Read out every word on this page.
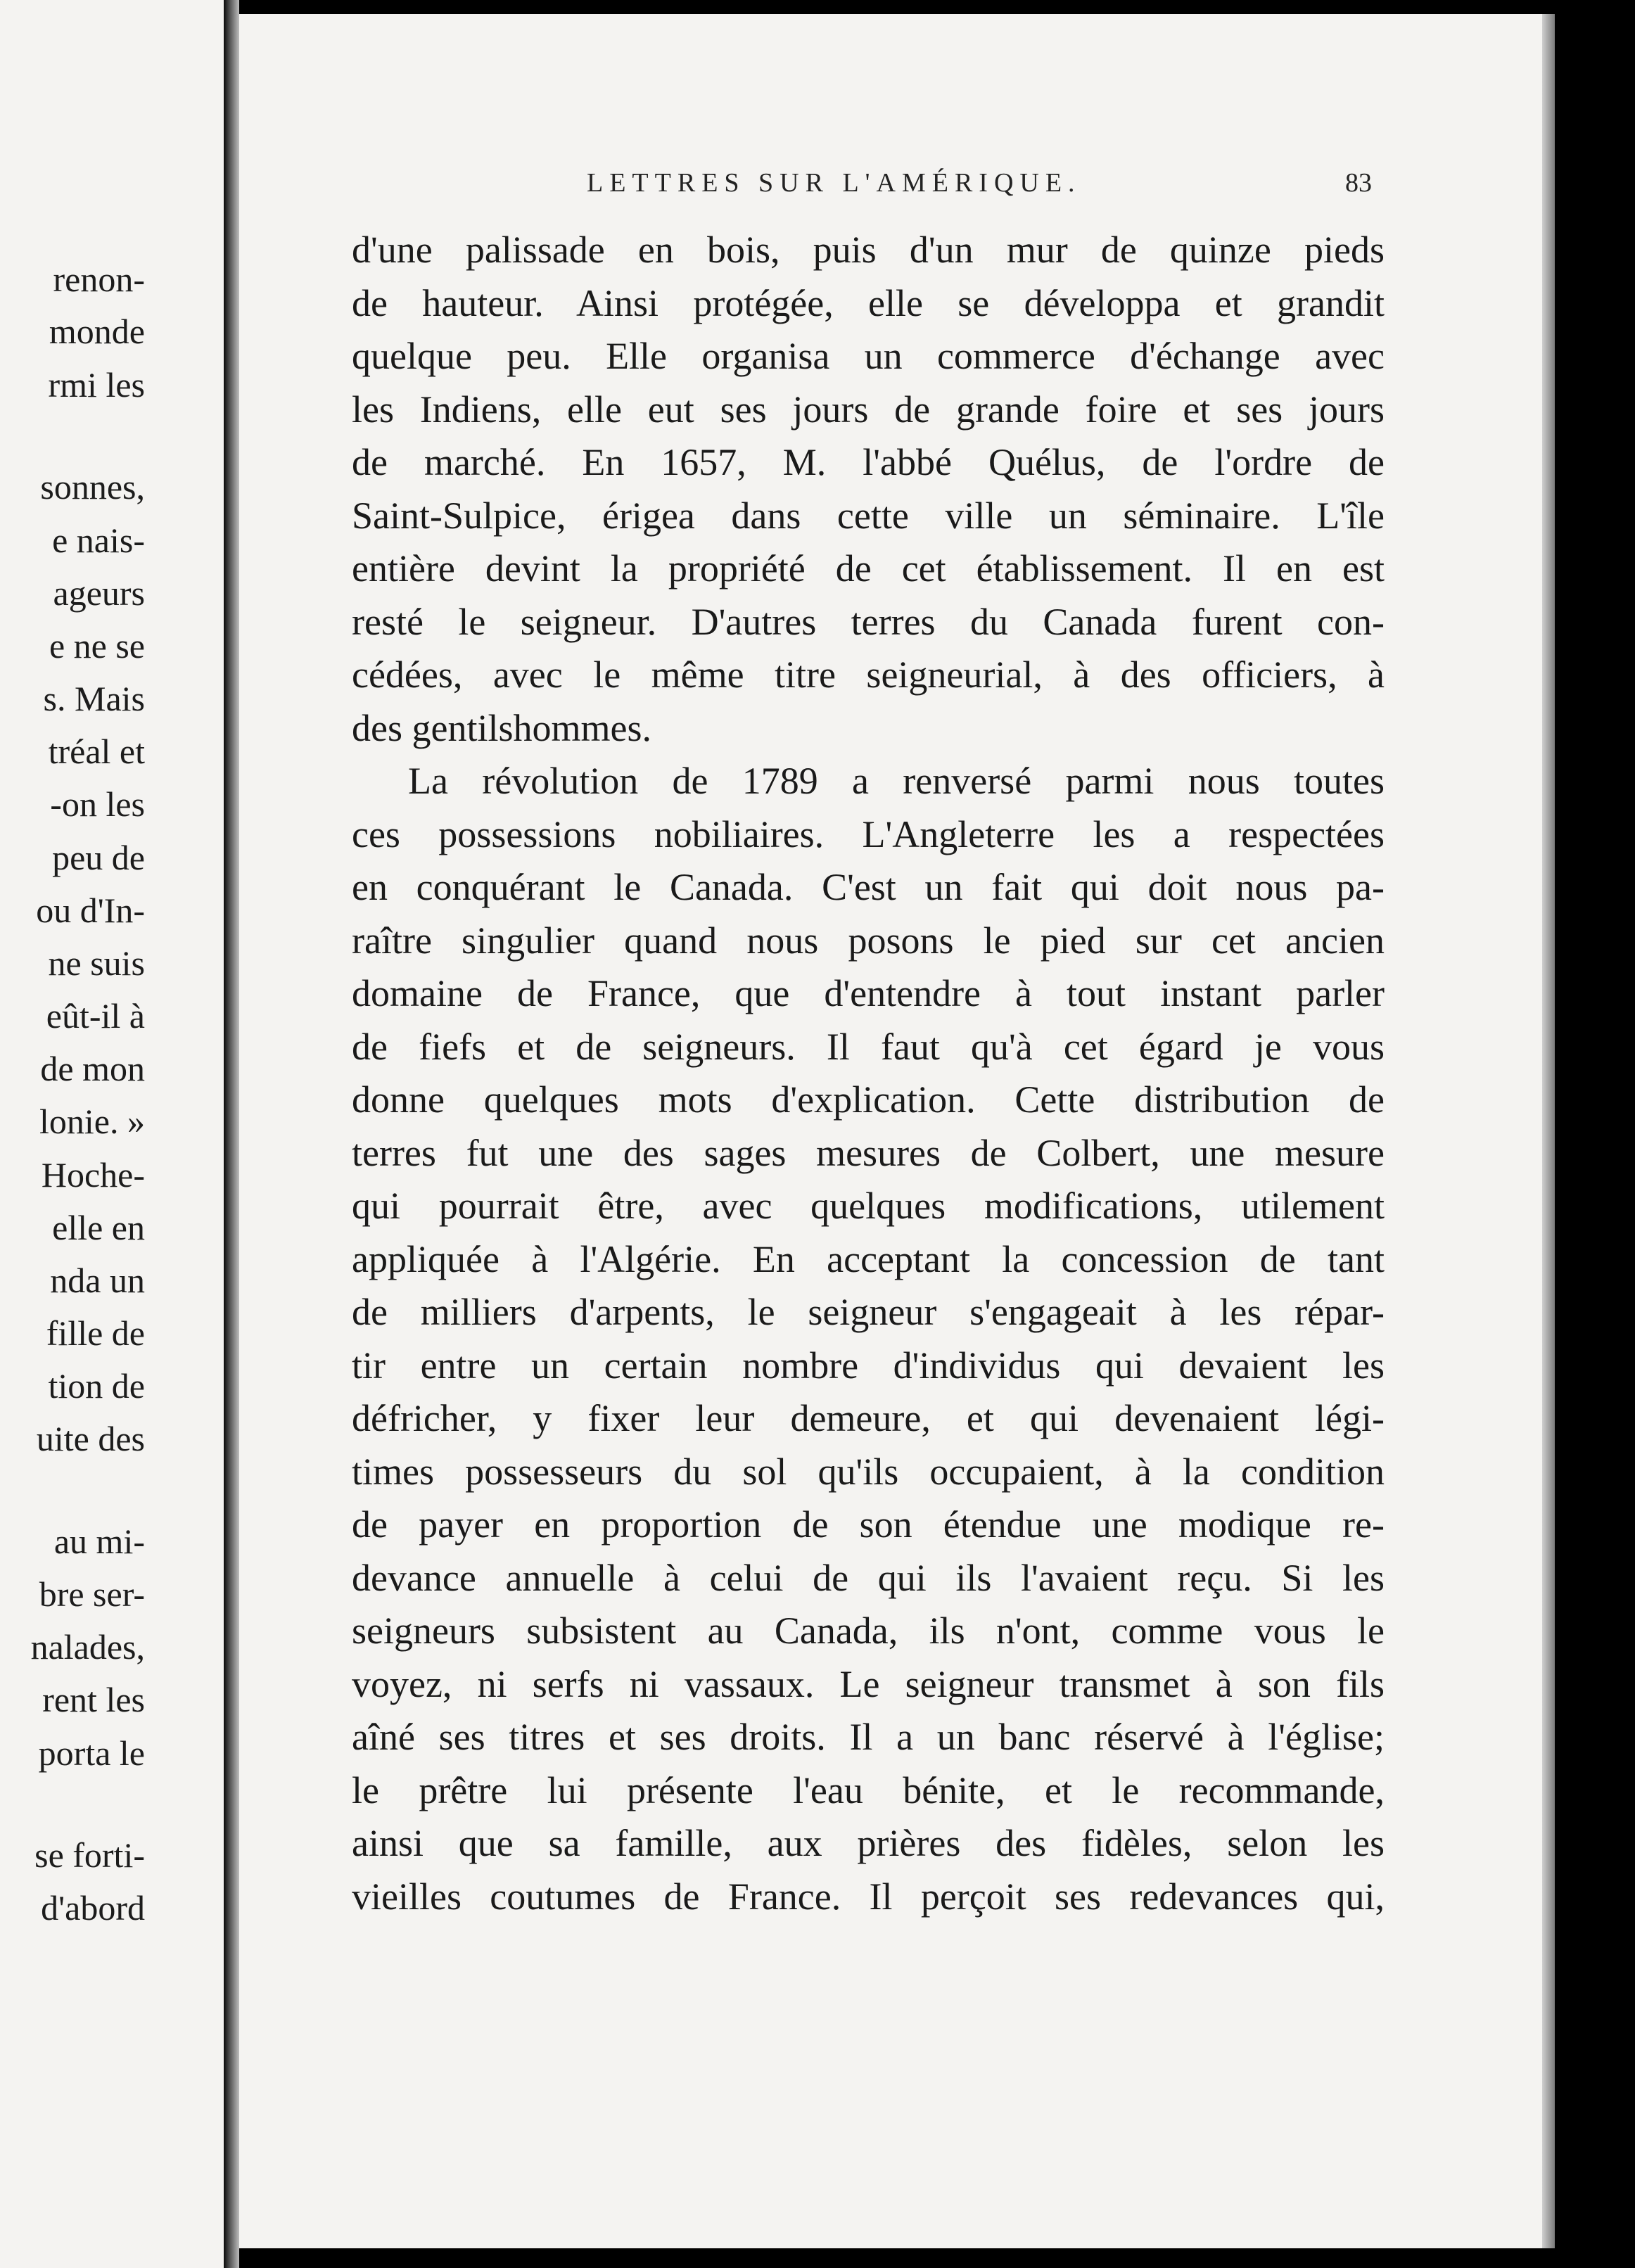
renon-
monde
rmi les
sonnes,
e nais-
ageurs
e ne se
s. Mais
tréal et
-on les
peu de
ou d'In-
ne suis
eût-il à
de mon
lonie. »
Hoche-
elle en
nda un
fille de
tion de
uite des
au mi-
bre ser-
nalades,
rent les
porta le
se forti-
d'abord
LETTRES SUR L'AMÉRIQUE.	83
d'une palissade en bois, puis d'un mur de quinze pieds
de hauteur. Ainsi protégée, elle se développa et grandit
quelque peu. Elle organisa un commerce d'échange avec
les Indiens, elle eut ses jours de grande foire et ses jours
de marché. En 1657, M. l'abbé Quélus, de l'ordre de
Saint-Sulpice, érigea dans cette ville un séminaire. L'île
entière devint la propriété de cet établissement. Il en est
resté le seigneur. D'autres terres du Canada furent con-
cédées, avec le même titre seigneurial, à des officiers, à
des gentilshommes.
La révolution de 1789 a renversé parmi nous toutes
ces possessions nobiliaires. L'Angleterre les a respectées
en conquérant le Canada. C'est un fait qui doit nous pa-
raître singulier quand nous posons le pied sur cet ancien
domaine de France, que d'entendre à tout instant parler
de fiefs et de seigneurs. Il faut qu'à cet égard je vous
donne quelques mots d'explication. Cette distribution de
terres fut une des sages mesures de Colbert, une mesure
qui pourrait être, avec quelques modifications, utilement
appliquée à l'Algérie. En acceptant la concession de tant
de milliers d'arpents, le seigneur s'engageait à les répar-
tir entre un certain nombre d'individus qui devaient les
défricher, y fixer leur demeure, et qui devenaient légi-
times possesseurs du sol qu'ils occupaient, à la condition
de payer en proportion de son étendue une modique re-
devance annuelle à celui de qui ils l'avaient reçu. Si les
seigneurs subsistent au Canada, ils n'ont, comme vous le
voyez, ni serfs ni vassaux. Le seigneur transmet à son fils
aîné ses titres et ses droits. Il a un banc réservé à l'église;
le prêtre lui présente l'eau bénite, et le recommande,
ainsi que sa famille, aux prières des fidèles, selon les
vieilles coutumes de France. Il perçoit ses redevances qui,
